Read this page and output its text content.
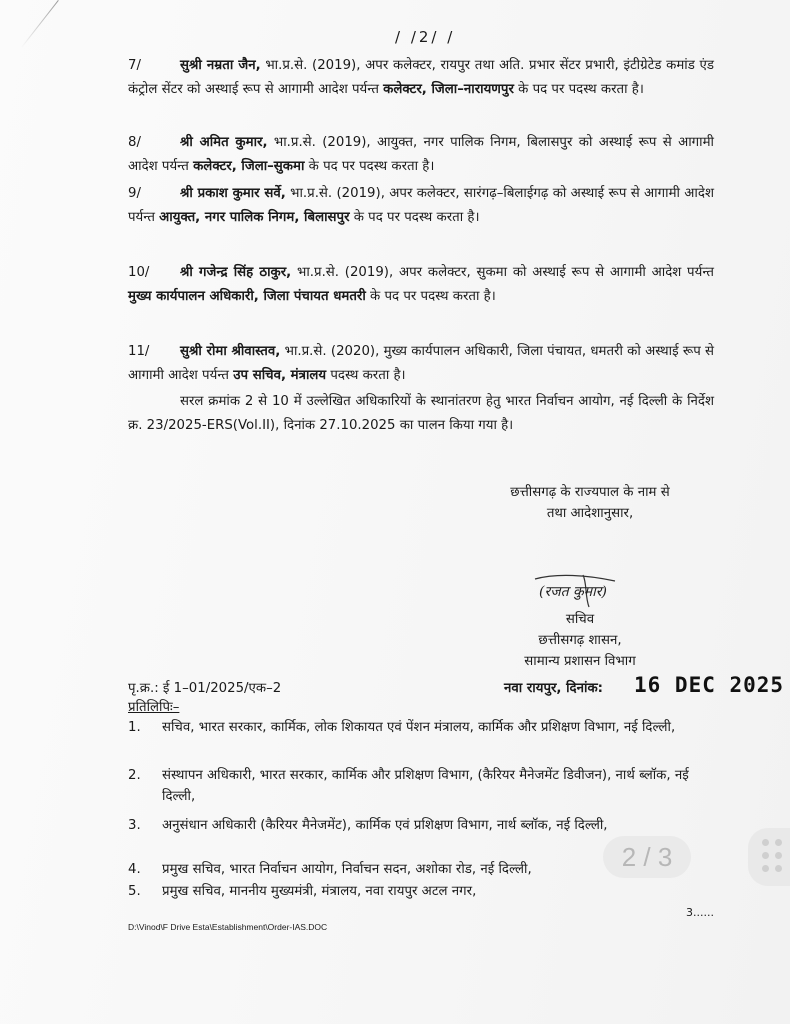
/ /2/ /
7/	सुश्री नम्रता जैन, भा.प्र.से. (2019), अपर कलेक्टर, रायपुर तथा अति. प्रभार सेंटर प्रभारी, इंटीग्रेटेड कमांड एंड कंट्रोल सेंटर को अस्थाई रूप से आगामी आदेश पर्यन्त कलेक्टर, जिला–नारायणपुर के पद पर पदस्थ करता है।
8/	श्री अमित कुमार, भा.प्र.से. (2019), आयुक्त, नगर पालिक निगम, बिलासपुर को अस्थाई रूप से आगामी आदेश पर्यन्त कलेक्टर, जिला–सुकमा के पद पर पदस्थ करता है।
9/	श्री प्रकाश कुमार सर्वे, भा.प्र.से. (2019), अपर कलेक्टर, सारंगढ़–बिलाईगढ़ को अस्थाई रूप से आगामी आदेश पर्यन्त आयुक्त, नगर पालिक निगम, बिलासपुर के पद पर पदस्थ करता है।
10/ श्री गजेन्द्र सिंह ठाकुर, भा.प्र.से. (2019), अपर कलेक्टर, सुकमा को अस्थाई रूप से आगामी आदेश पर्यन्त मुख्य कार्यपालन अधिकारी, जिला पंचायत धमतरी के पद पर पदस्थ करता है।
11/ सुश्री रोमा श्रीवास्तव, भा.प्र.से. (2020), मुख्य कार्यपालन अधिकारी, जिला पंचायत, धमतरी को अस्थाई रूप से आगामी आदेश पर्यन्त उप सचिव, मंत्रालय पदस्थ करता है।
सरल क्रमांक 2 से 10 में उल्लेखित अधिकारियों के स्थानांतरण हेतु भारत निर्वाचन आयोग, नई दिल्ली के निर्देश क्र. 23/2025-ERS(Vol.II), दिनांक 27.10.2025 का पालन किया गया है।
छत्तीसगढ़ के राज्यपाल के नाम से
तथा आदेशानुसार,
(रजत कुमार)
सचिव
छत्तीसगढ़ शासन,
सामान्य प्रशासन विभाग
पृ.क्र.: ई 1–01/2025/एक–2	नवा रायपुर, दिनांक: 16 DEC 2025
प्रतिलिपिः–
1. सचिव, भारत सरकार, कार्मिक, लोक शिकायत एवं पेंशन मंत्रालय, कार्मिक और प्रशिक्षण विभाग, नई दिल्ली,
2. संस्थापन अधिकारी, भारत सरकार, कार्मिक और प्रशिक्षण विभाग, (कैरियर मैनेजमेंट डिवीजन), नार्थ ब्लॉक, नई दिल्ली,
3. अनुसंधान अधिकारी (कैरियर मैनेजमेंट), कार्मिक एवं प्रशिक्षण विभाग, नार्थ ब्लॉक, नई दिल्ली,
4. प्रमुख सचिव, भारत निर्वाचन आयोग, निर्वाचन सदन, अशोका रोड, नई दिल्ली,
5. प्रमुख सचिव, माननीय मुख्यमंत्री, मंत्रालय, नवा रायपुर अटल नगर,
3......
D:\Vinod\F Drive Esta\Establishment\Order-IAS.DOC
2 / 3
